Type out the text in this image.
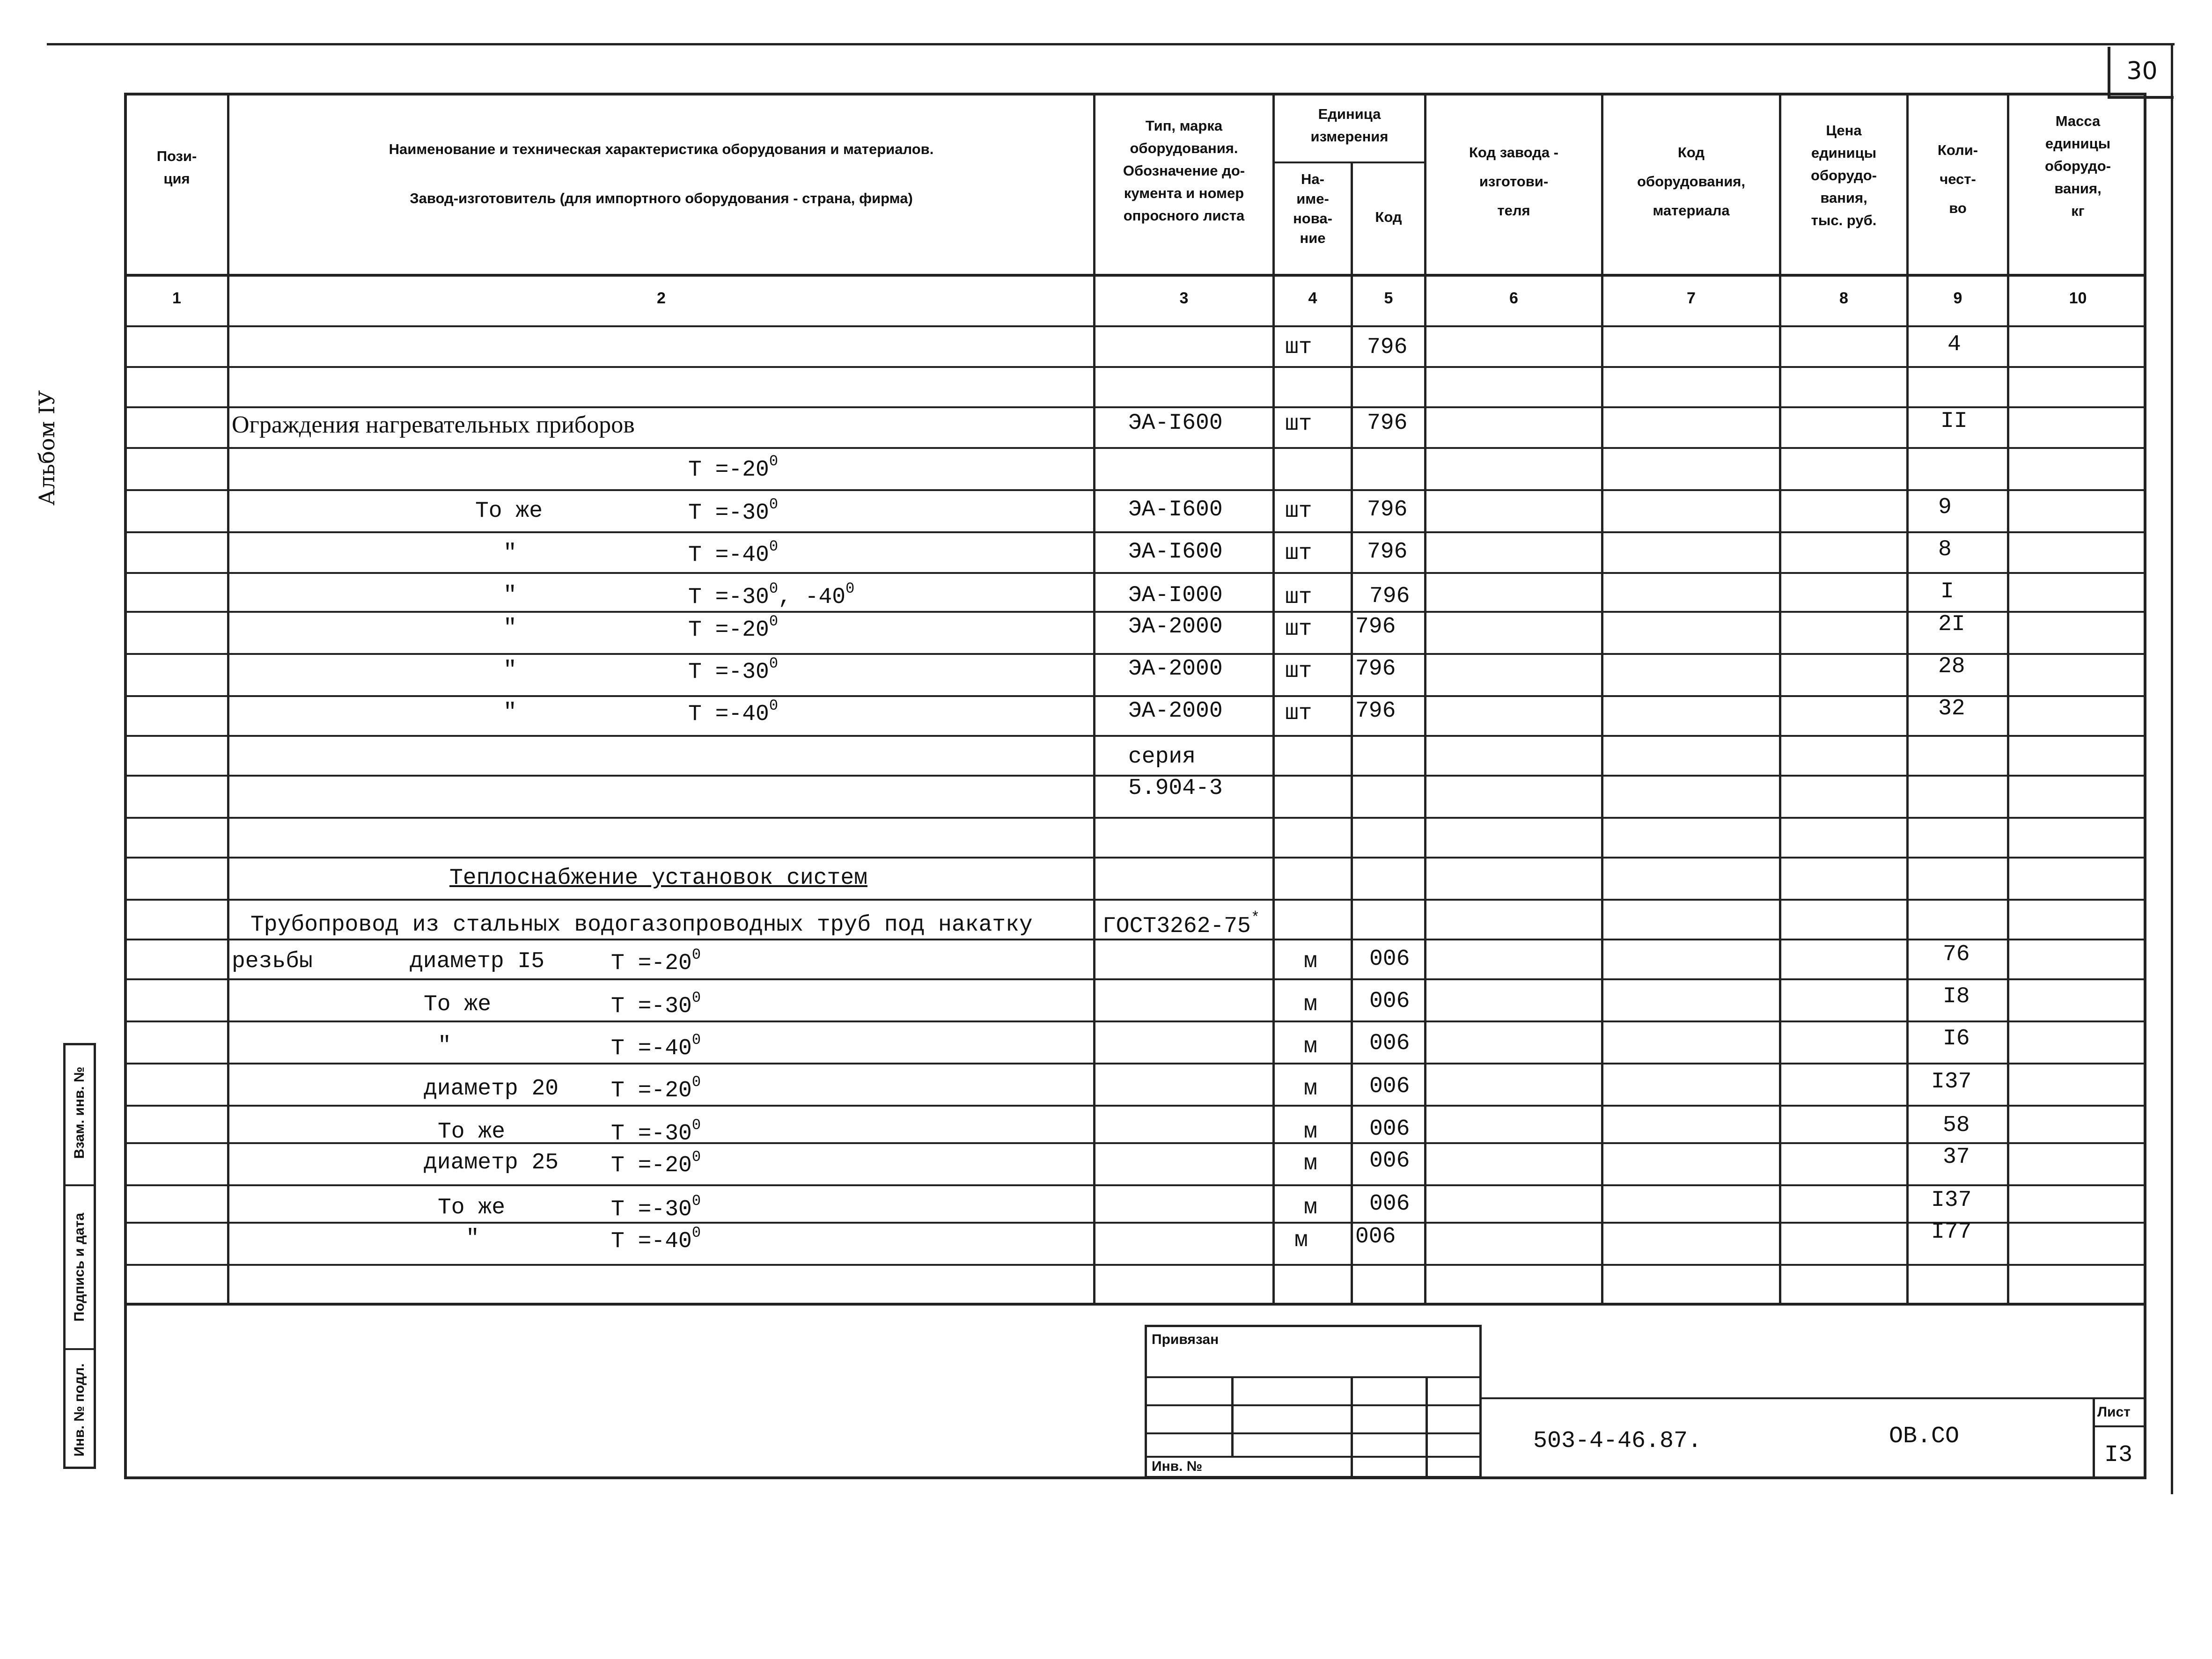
30
Альбом IУ
Взам. инв. №
Подпись и дата
Инв. № подл.
Пози-
ция
Наименование и техническая характеристика оборудования и материалов.
Завод-изготовитель (для импортного оборудования - страна, фирма)
Тип, марка
оборудования.
Обозначение до-
кумента и номер
опросного листа
Единица
измерения
На-
име-
нова-
ние
Код
Код завода -
изготови-
теля
Код
оборудования,
материала
Цена
единицы
оборудо-
вания,
тыс. руб.
Коли-
чест-
во
Масса
единицы
оборудо-
вания,
кг
1	2	3	4	5	6	7	8	9	10
шт 796	4
Ограждения нагревательных приборов	ЭА-I600	шт 796	II
$Т =-20^0$
То же	$Т =-30^0$	ЭА-I600	шт 796	9
"	$Т =-40^0$	ЭА-I600	шт 796	8
"	$Т =-30^0$, $-40^0$	ЭА-I000	шт	796	I
"	$Т =-20^0$	ЭА-2000	шт 796	2I
"	$Т =-30^0$	ЭА-2000	шт 796	28
"	$Т =-40^0$	ЭА-2000	шт 796	32
серия
5.904-3
Теплоснабжение установок систем
Трубопровод из стальных водогазопроводных труб под накатку	ГОСТ3262-75*
резьбы	диаметр I5	$Т =-20^0$	м 006	76
То же	$Т =-30^0$	м 006	I8
"	$Т =-40^0$	м 006	I6
диаметр 20 $Т =-20^0$	м 006	I37
То же	$Т =-30^0$	м 006	58
диаметр 25 $Т =-20^0$	м 006	37
То же	$Т =-30^0$	м 006	I37
"	$Т =-40^0$	м 006	I77
Привязан
Инв. №
503-4-46.87.	ОВ.СО
Лист
I3
